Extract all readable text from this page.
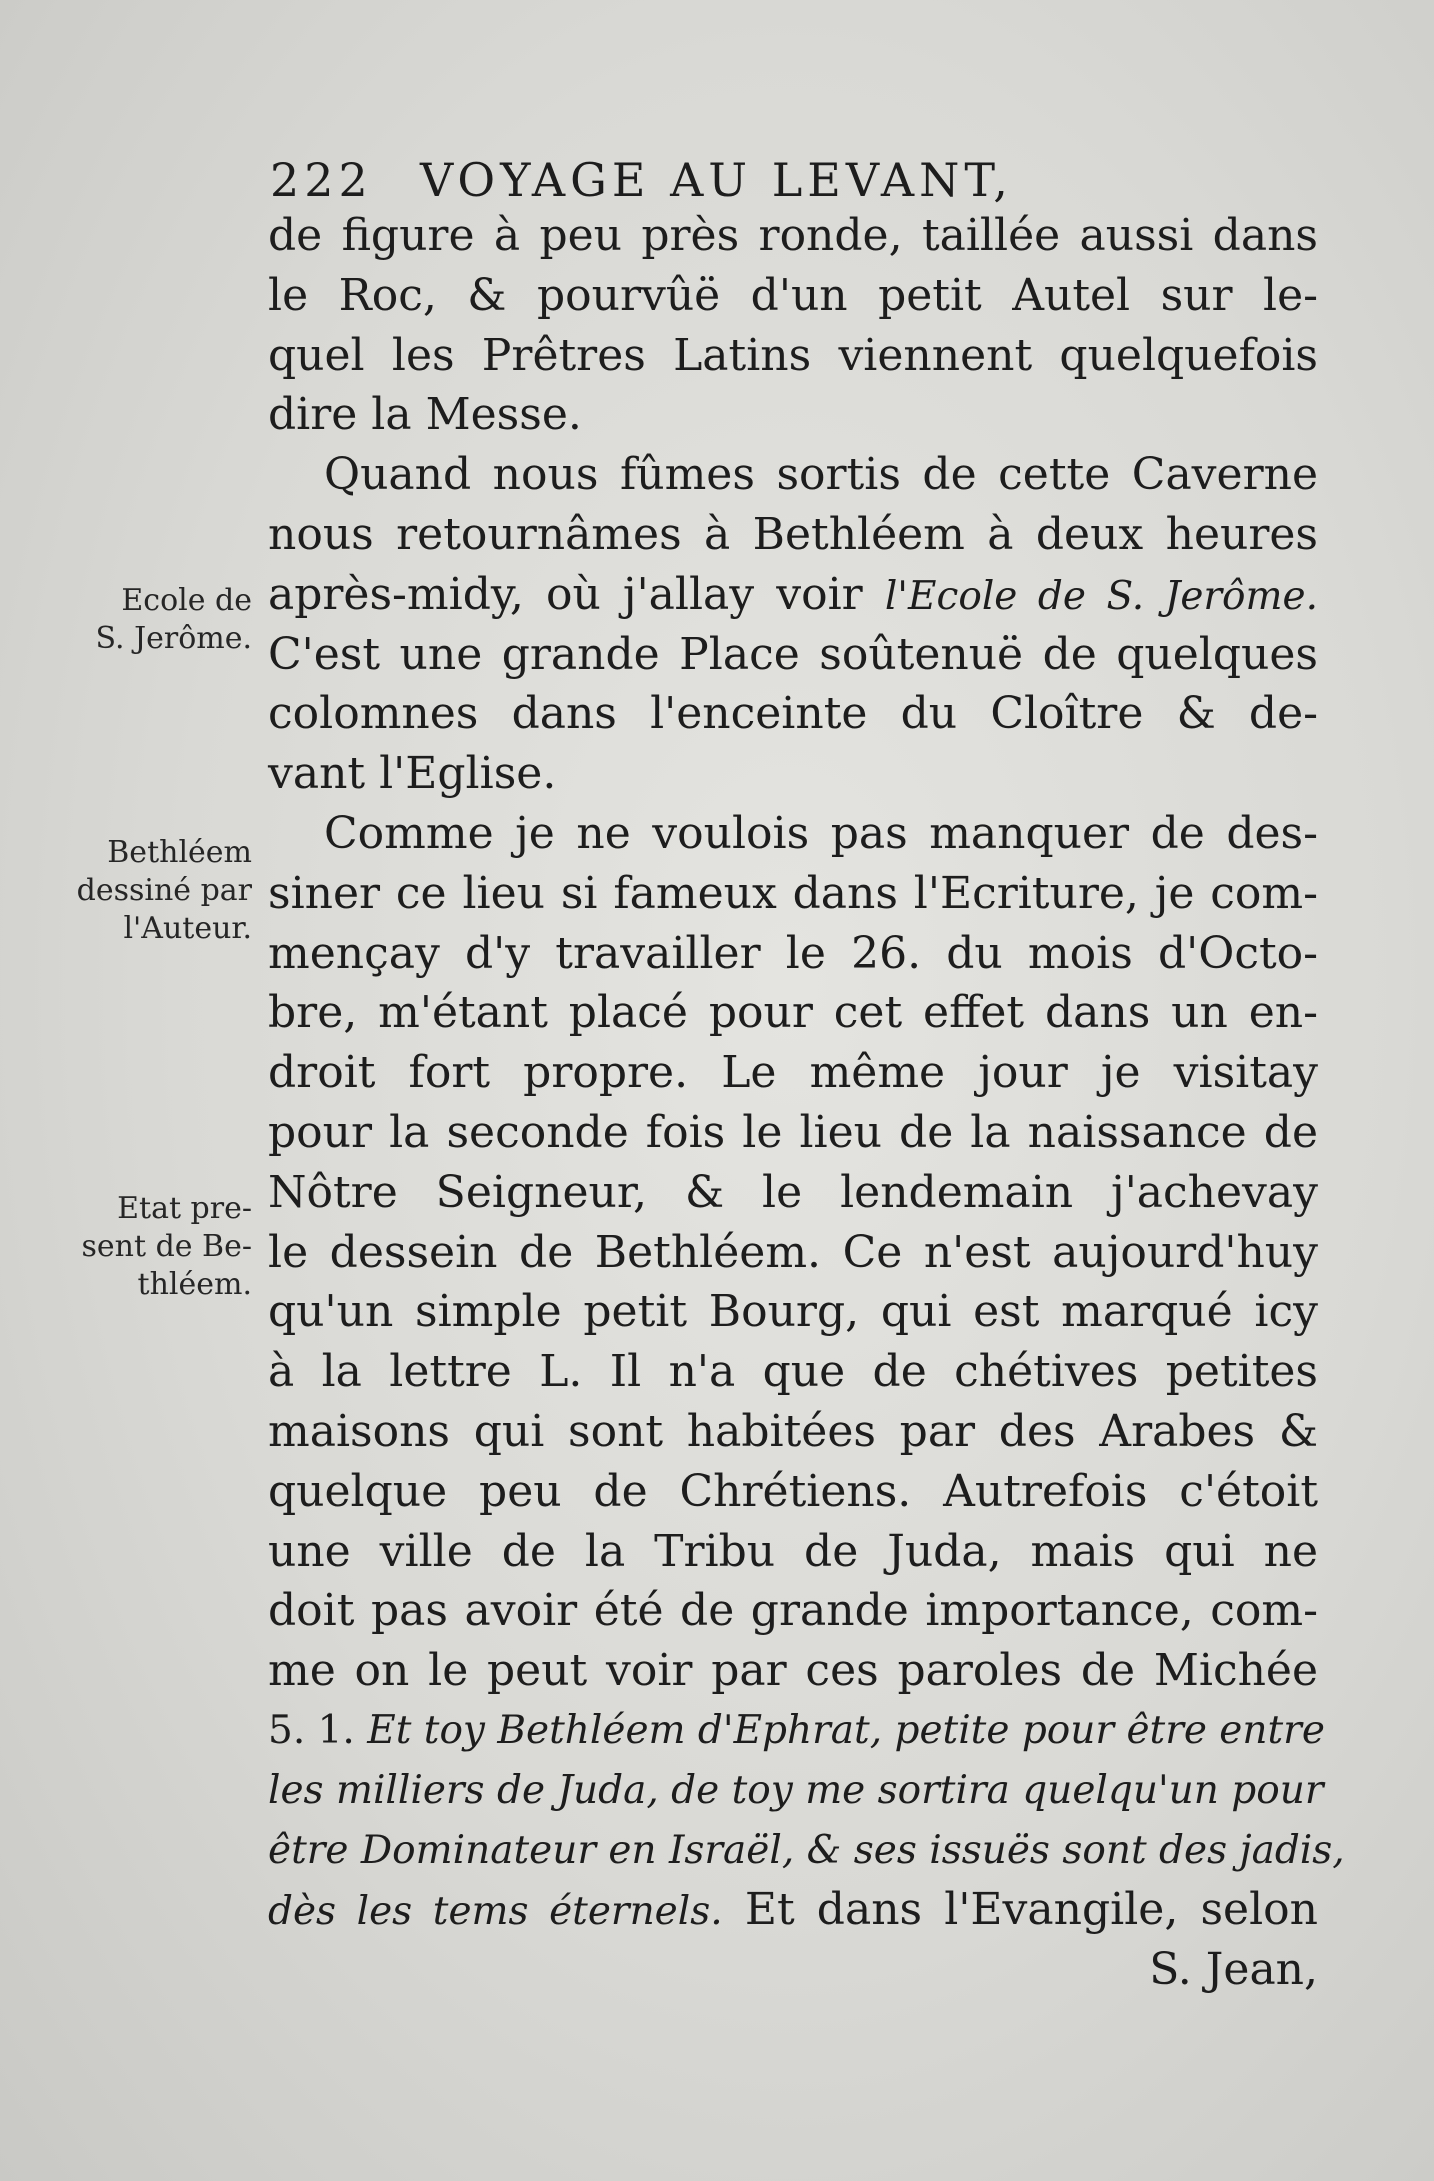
222 VOYAGE AU LEVANT,
de figure à peu près ronde, taillée aussi dans
le Roc, & pourvûë d'un petit Autel sur le-
quel les Prêtres Latins viennent quelquefois
dire la Messe.
Quand nous fûmes sortis de cette Caverne
nous retournâmes à Bethléem à deux heures
après-midy, où j'allay voir l'Ecole de S. Jerôme.
C'est une grande Place soûtenuë de quelques
colomnes dans l'enceinte du Cloître & de-
vant l'Eglise.
Comme je ne voulois pas manquer de des-
siner ce lieu si fameux dans l'Ecriture, je com-
mençay d'y travailler le 26. du mois d'Octo-
bre, m'étant placé pour cet effet dans un en-
droit fort propre. Le même jour je visitay
pour la seconde fois le lieu de la naissance de
Nôtre Seigneur, & le lendemain j'achevay
le dessein de Bethléem. Ce n'est aujourd'huy
qu'un simple petit Bourg, qui est marqué icy
à la lettre L. Il n'a que de chétives petites
maisons qui sont habitées par des Arabes &
quelque peu de Chrétiens. Autrefois c'étoit
une ville de la Tribu de Juda, mais qui ne
doit pas avoir été de grande importance, com-
me on le peut voir par ces paroles de Michée
5. 1. Et toy Bethléem d'Ephrat, petite pour être entre
les milliers de Juda, de toy me sortira quelqu'un pour
être Dominateur en Israël, & ses issuës sont des jadis,
dès les tems éternels. Et dans l'Evangile, selon
S. Jean,
Ecole de
S. Jerôme.
Bethléem
dessiné par
l'Auteur.
Etat pre-
sent de Be-
thléem.
